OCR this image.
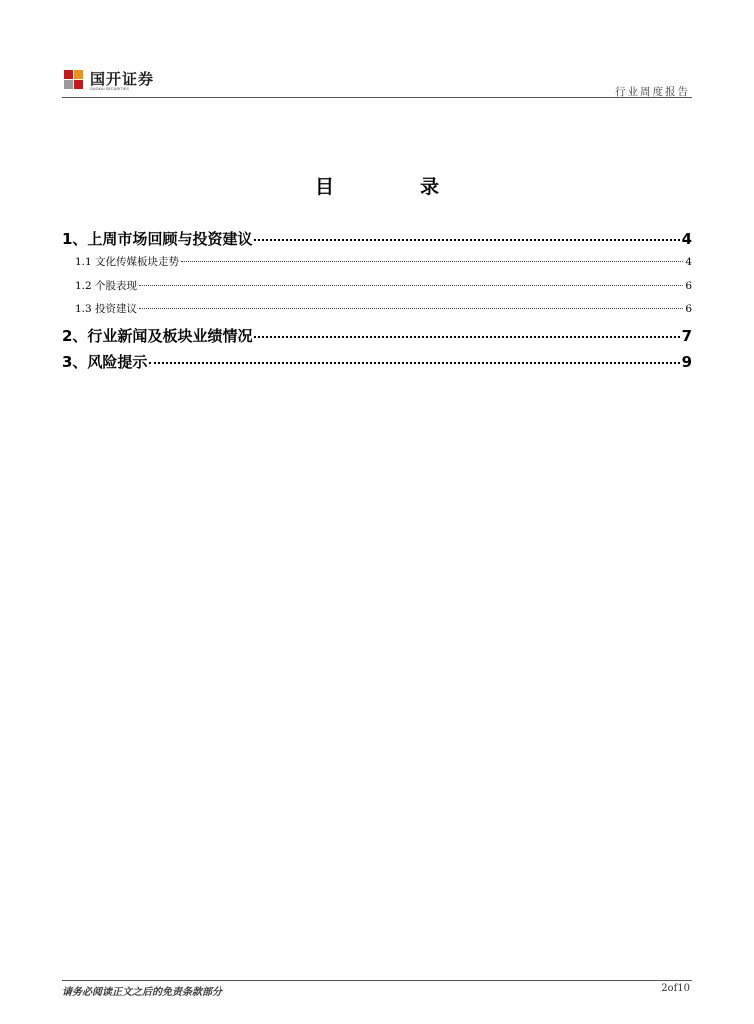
国开证券
GUOKAI SECURITIES	行业周度报告
目录
1、上周市场回顾与投资建议	4
1.1 文化传媒板块走势	4
1.2 个股表现	6
1.3 投资建议	6
2、行业新闻及板块业绩情况	7
3、风险提示	9
请务必阅读正文之后的免责条款部分	2of10
